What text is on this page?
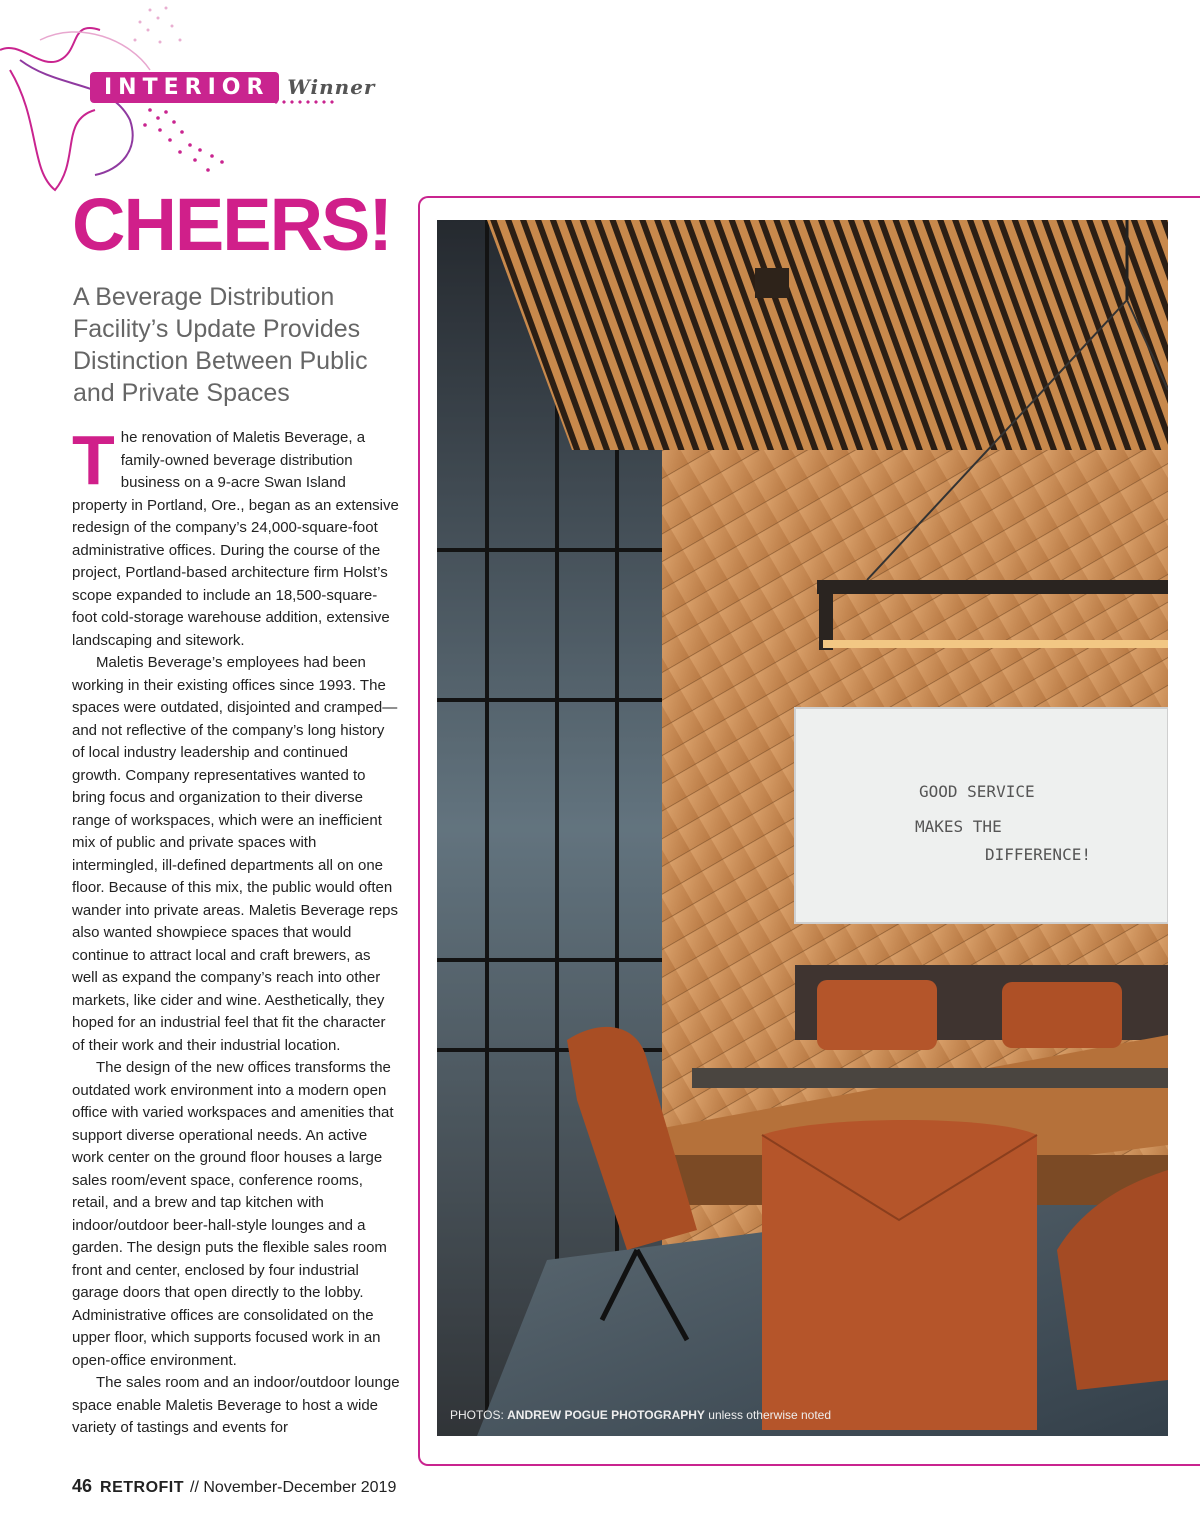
INTERIOR Winner
CHEERS!

A Beverage Distribution Facility’s Update Provides Distinction Between Public and Private Spaces

The renovation of Maletis Beverage, a family-owned beverage distribution business on a 9-acre Swan Island property in Portland, Ore., began as an extensive redesign of the company’s 24,000-square-foot administrative offices. During the course of the project, Portland-based architecture firm Holst’s scope expanded to include an 18,500-square-foot cold-storage warehouse addition, extensive landscaping and sitework.

Maletis Beverage’s employees had been working in their existing offices since 1993. The spaces were outdated, disjointed and cramped—and not reflective of the company’s long history of local industry leadership and continued growth. Company representatives wanted to bring focus and organization to their diverse range of workspaces, which were an inefficient mix of public and private spaces with intermingled, ill-defined departments all on one floor. Because of this mix, the public would often wander into private areas. Maletis Beverage reps also wanted showpiece spaces that would continue to attract local and craft brewers, as well as expand the company’s reach into other markets, like cider and wine. Aesthetically, they hoped for an industrial feel that fit the character of their work and their industrial location.

The design of the new offices transforms the outdated work environment into a modern open office with varied workspaces and amenities that support diverse operational needs. An active work center on the ground floor houses a large sales room/event space, conference rooms, retail, and a brew and tap kitchen with indoor/outdoor beer-hall-style lounges and a garden. The design puts the flexible sales room front and center, enclosed by four industrial garage doors that open directly to the lobby. Administrative offices are consolidated on the upper floor, which supports focused work in an open-office environment.

The sales room and an indoor/outdoor lounge space enable Maletis Beverage to host a wide variety of tastings and events for

GOOD SERVICE
MAKES THE
DIFFERENCE!
PHOTOS: ANDREW POGUE PHOTOGRAPHY unless otherwise noted
46 RETROFIT // November-December 2019
